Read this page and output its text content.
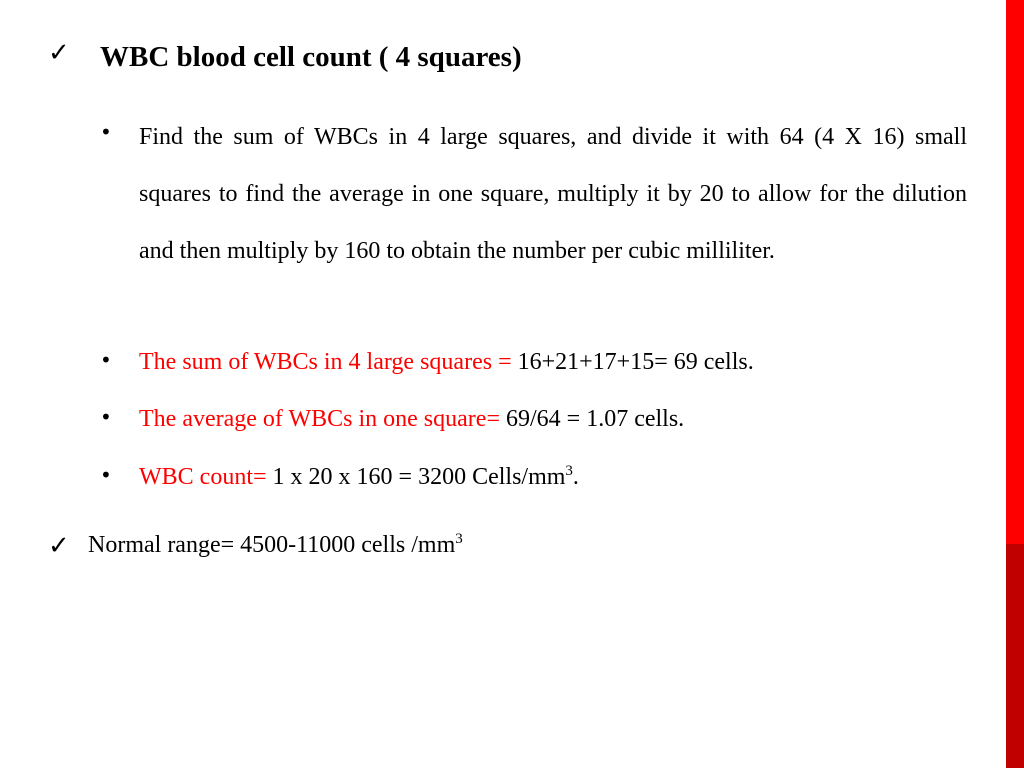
✓ WBC blood cell count ( 4 squares)
• Find the sum of WBCs in 4 large squares, and divide it with 64 (4 X 16) small squares to find the average in one square, multiply it by 20 to allow for the dilution and then multiply by 160 to obtain the number per cubic milliliter.
• The sum of WBCs in 4 large squares = 16+21+17+15= 69 cells.
• The average of WBCs in one square= 69/64 = 1.07 cells.
• WBC count= 1 x 20 x 160 = 3200 Cells/$mm^3$.
✓ Normal range= 4500-11000 cells $/mm^3$
